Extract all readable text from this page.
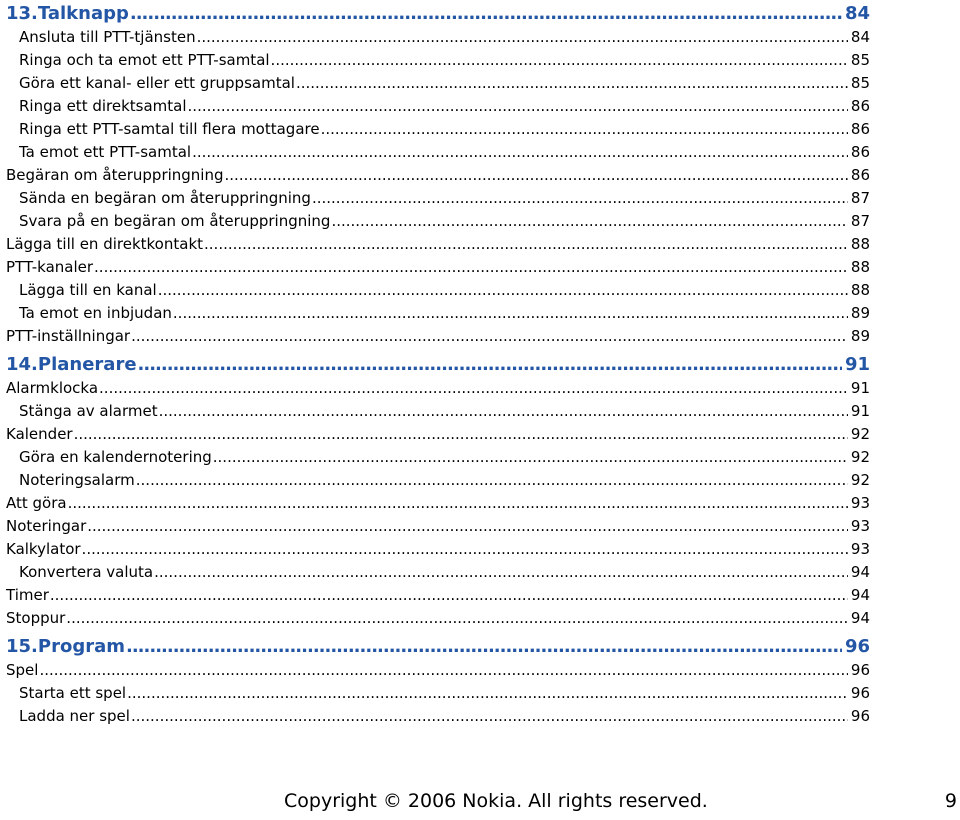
13.Talknapp .....	84
Ansluta till PTT-tjänsten .....	84
Ringa och ta emot ett PTT-samtal .....	85
Göra ett kanal- eller ett gruppsamtal .....	85
Ringa ett direktsamtal .....	86
Ringa ett PTT-samtal till flera mottagare .....	86
Ta emot ett PTT-samtal .....	86
Begäran om återuppringning .....	86
Sända en begäran om återuppringning .....	87
Svara på en begäran om återuppringning .....	87
Lägga till en direktkontakt .....	88
PTT-kanaler .....	88
Lägga till en kanal .....	88
Ta emot en inbjudan .....	89
PTT-inställningar .....	89
14.Planerare .....	91
Alarmklocka .....	91
Stänga av alarmet .....	91
Kalender .....	92
Göra en kalendernotering .....	92
Noteringsalarm .....	92
Att göra .....	93
Noteringar .....	93
Kalkylator .....	93
Konvertera valuta .....	94
Timer .....	94
Stoppur .....	94
15.Program .....	96
Spel .....	96
Starta ett spel .....	96
Ladda ner spel .....	96
Copyright © 2006 Nokia. All rights reserved.	9
